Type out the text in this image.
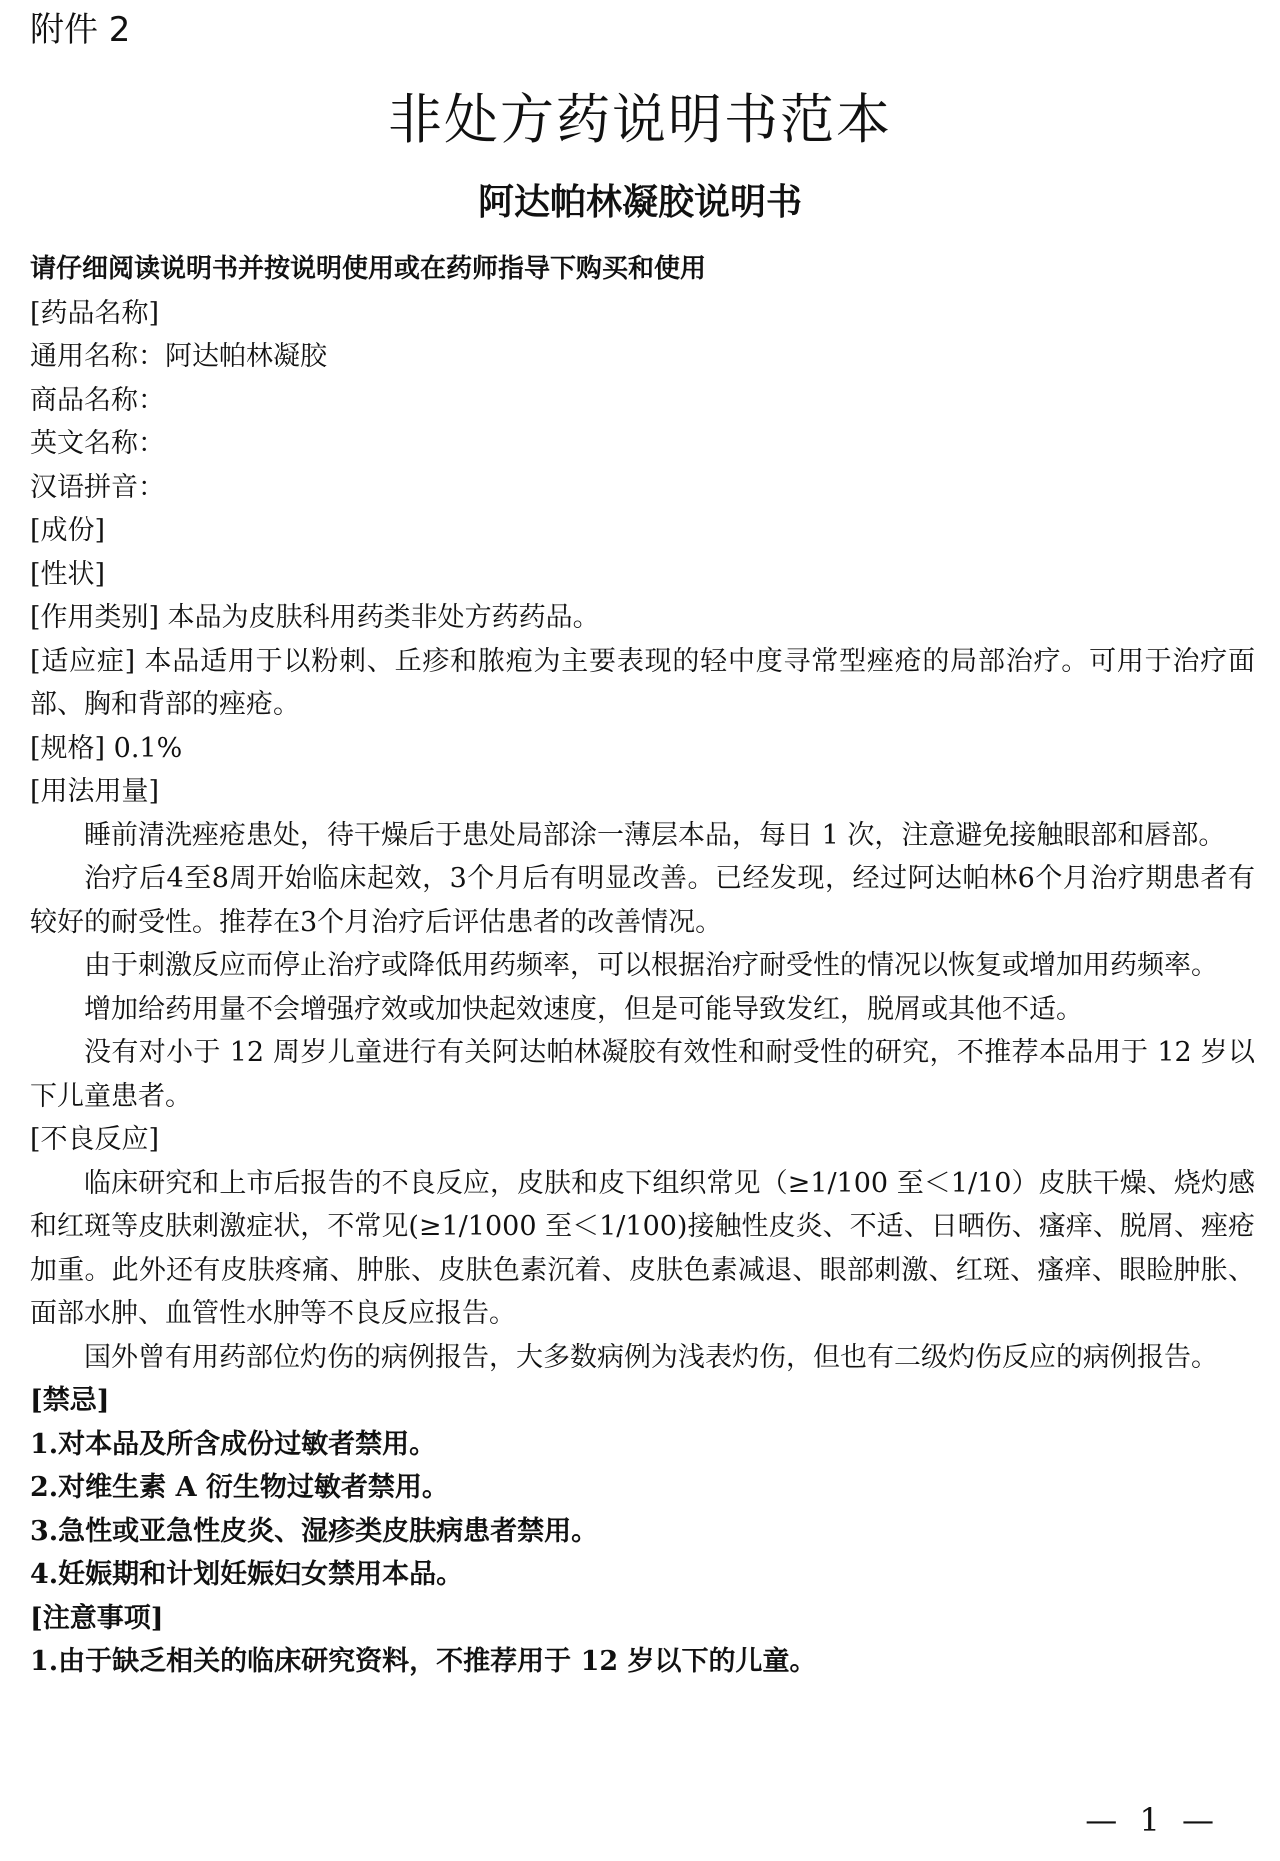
附件 2
非处方药说明书范本
阿达帕林凝胶说明书

请仔细阅读说明书并按说明使用或在药师指导下购买和使用

[药品名称]

通用名称：阿达帕林凝胶

商品名称：

英文名称：

汉语拼音：

[成份]

[性状]

[作用类别] 本品为皮肤科用药类非处方药药品。

[适应症] 本品适用于以粉刺、丘疹和脓疱为主要表现的轻中度寻常型痤疮的局部治疗。可用于治疗面部、胸和背部的痤疮。

[规格] 0.1%

[用法用量]

睡前清洗痤疮患处，待干燥后于患处局部涂一薄层本品，每日 1 次，注意避免接触眼部和唇部。

治疗后4至8周开始临床起效，3个月后有明显改善。已经发现，经过阿达帕林6个月治疗期患者有较好的耐受性。推荐在3个月治疗后评估患者的改善情况。

由于刺激反应而停止治疗或降低用药频率，可以根据治疗耐受性的情况以恢复或增加用药频率。

增加给药用量不会增强疗效或加快起效速度，但是可能导致发红，脱屑或其他不适。

没有对小于 12 周岁儿童进行有关阿达帕林凝胶有效性和耐受性的研究，不推荐本品用于 12 岁以下儿童患者。

[不良反应]

临床研究和上市后报告的不良反应，皮肤和皮下组织常见（≥1/100 至＜1/10）皮肤干燥、烧灼感和红斑等皮肤刺激症状，不常见(≥1/1000 至＜1/100)接触性皮炎、不适、日晒伤、瘙痒、脱屑、痤疮加重。此外还有皮肤疼痛、肿胀、皮肤色素沉着、皮肤色素减退、眼部刺激、红斑、瘙痒、眼睑肿胀、面部水肿、血管性水肿等不良反应报告。

国外曾有用药部位灼伤的病例报告，大多数病例为浅表灼伤，但也有二级灼伤反应的病例报告。

[禁忌]

1.对本品及所含成份过敏者禁用。

2.对维生素 A 衍生物过敏者禁用。

3.急性或亚急性皮炎、湿疹类皮肤病患者禁用。

4.妊娠期和计划妊娠妇女禁用本品。

[注意事项]

1.由于缺乏相关的临床研究资料，不推荐用于 12 岁以下的儿童。

— 1 —
